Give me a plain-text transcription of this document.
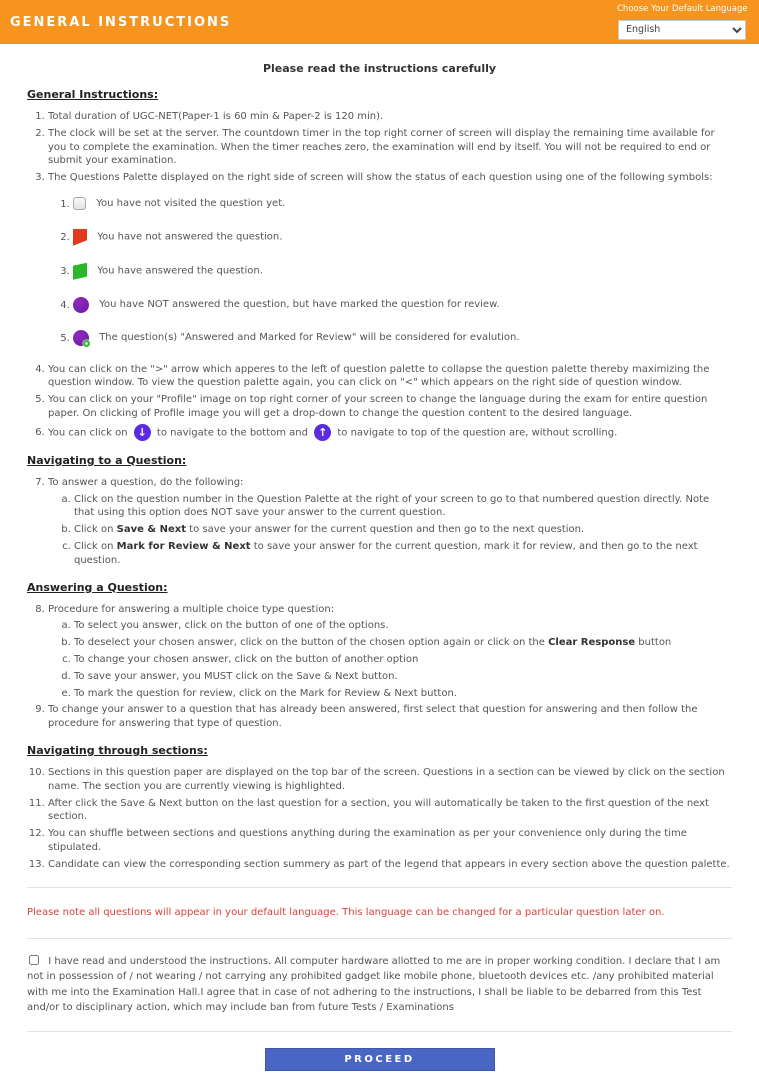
GENERAL INSTRUCTIONS
Choose Your Default Language
English
Please read the instructions carefully
General Instructions:
1. Total duration of UGC-NET(Paper-1 is 60 min & Paper-2 is 120 min).
2. The clock will be set at the server. The countdown timer in the top right corner of screen will display the remaining time available for you to complete the examination. When the timer reaches zero, the examination will end by itself. You will not be required to end or submit your examination.
3. The Questions Palette displayed on the right side of screen will show the status of each question using one of the following symbols:
1. You have not visited the question yet.
2. You have not answered the question.
3. You have answered the question.
4. You have NOT answered the question, but have marked the question for review.
5. The question(s) "Answered and Marked for Review" will be considered for evalution.
4. You can click on the ">" arrow which apperes to the left of question palette to collapse the question palette thereby maximizing the question window. To view the question palette again, you can click on "<" which appears on the right side of question window.
5. You can click on your "Profile" image on top right corner of your screen to change the language during the exam for entire question paper. On clicking of Profile image you will get a drop-down to change the question content to the desired language.
6. You can click on ↓ to navigate to the bottom and ↑ to navigate to top of the question are, without scrolling.
Navigating to a Question:
7. To answer a question, do the following:
a. Click on the question number in the Question Palette at the right of your screen to go to that numbered question directly. Note that using this option does NOT save your answer to the current question.
b. Click on Save & Next to save your answer for the current question and then go to the next question.
c. Click on Mark for Review & Next to save your answer for the current question, mark it for review, and then go to the next question.
Answering a Question:
8. Procedure for answering a multiple choice type question:
a. To select you answer, click on the button of one of the options.
b. To deselect your chosen answer, click on the button of the chosen option again or click on the Clear Response button
c. To change your chosen answer, click on the button of another option
d. To save your answer, you MUST click on the Save & Next button.
e. To mark the question for review, click on the Mark for Review & Next button.
9. To change your answer to a question that has already been answered, first select that question for answering and then follow the procedure for answering that type of question.
Navigating through sections:
10. Sections in this question paper are displayed on the top bar of the screen. Questions in a section can be viewed by click on the section name. The section you are currently viewing is highlighted.
11. After click the Save & Next button on the last question for a section, you will automatically be taken to the first question of the next section.
12. You can shuffle between sections and questions anything during the examination as per your convenience only during the time stipulated.
13. Candidate can view the corresponding section summery as part of the legend that appears in every section above the question palette.
Please note all questions will appear in your default language. This language can be changed for a particular question later on.
I have read and understood the instructions. All computer hardware allotted to me are in proper working condition. I declare that I am not in possession of / not wearing / not carrying any prohibited gadget like mobile phone, bluetooth devices etc. /any prohibited material with me into the Examination Hall.I agree that in case of not adhering to the instructions, I shall be liable to be debarred from this Test and/or to disciplinary action, which may include ban from future Tests / Examinations
PROCEED
